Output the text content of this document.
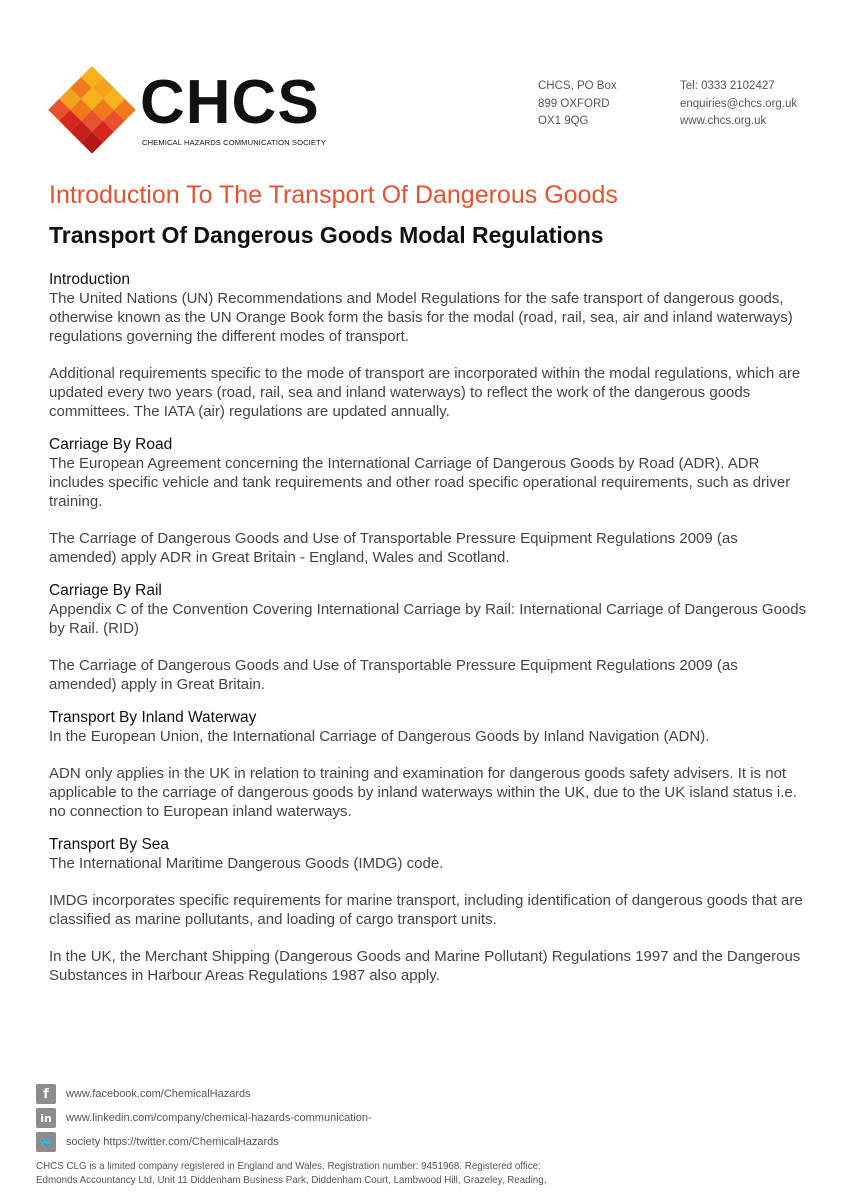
CHCS
CHEMICAL HAZARDS COMMUNICATION SOCIETY
CHCS, PO Box
899 OXFORD
OX1 9QG
Tel: 0333 2102427
enquiries@chcs.org.uk
www.chcs.org.uk
Introduction To The Transport Of Dangerous Goods
Transport Of Dangerous Goods Modal Regulations
Introduction

The United Nations (UN) Recommendations and Model Regulations for the safe transport of dangerous goods, otherwise known as the UN Orange Book form the basis for the modal (road, rail, sea, air and inland waterways) regulations governing the different modes of transport.

Additional requirements specific to the mode of transport are incorporated within the modal regulations, which are updated every two years (road, rail, sea and inland waterways) to reflect the work of the dangerous goods committees. The IATA (air) regulations are updated annually.

Carriage By Road

The European Agreement concerning the International Carriage of Dangerous Goods by Road (ADR). ADR includes specific vehicle and tank requirements and other road specific operational requirements, such as driver training.

The Carriage of Dangerous Goods and Use of Transportable Pressure Equipment Regulations 2009 (as amended) apply ADR in Great Britain - England, Wales and Scotland.

Carriage By Rail

Appendix C of the Convention Covering International Carriage by Rail: International Carriage of Dangerous Goods by Rail. (RID)

The Carriage of Dangerous Goods and Use of Transportable Pressure Equipment Regulations 2009 (as amended) apply in Great Britain.

Transport By Inland Waterway

In the European Union, the International Carriage of Dangerous Goods by Inland Navigation (ADN).

ADN only applies in the UK in relation to training and examination for dangerous goods safety advisers. It is not applicable to the carriage of dangerous goods by inland waterways within the UK, due to the UK island status i.e. no connection to European inland waterways.

Transport By Sea

The International Maritime Dangerous Goods (IMDG) code.

IMDG incorporates specific requirements for marine transport, including identification of dangerous goods that are classified as marine pollutants, and loading of cargo transport units.

In the UK, the Merchant Shipping (Dangerous Goods and Marine Pollutant) Regulations 1997 and the Dangerous Substances in Harbour Areas Regulations 1987 also apply.

f	www.facebook.com/ChemicalHazards
in	www.linkedin.com/company/chemical-hazards-communication-
🐦 society https://twitter.com/ChemicalHazards
CHCS CLG is a limited company registered in England and Wales. Registration number: 9451968. Registered office:
Edmonds Accountancy Ltd, Unit 11 Diddenham Business Park, Diddenham Court, Lambwood Hill, Grazeley, Reading,
